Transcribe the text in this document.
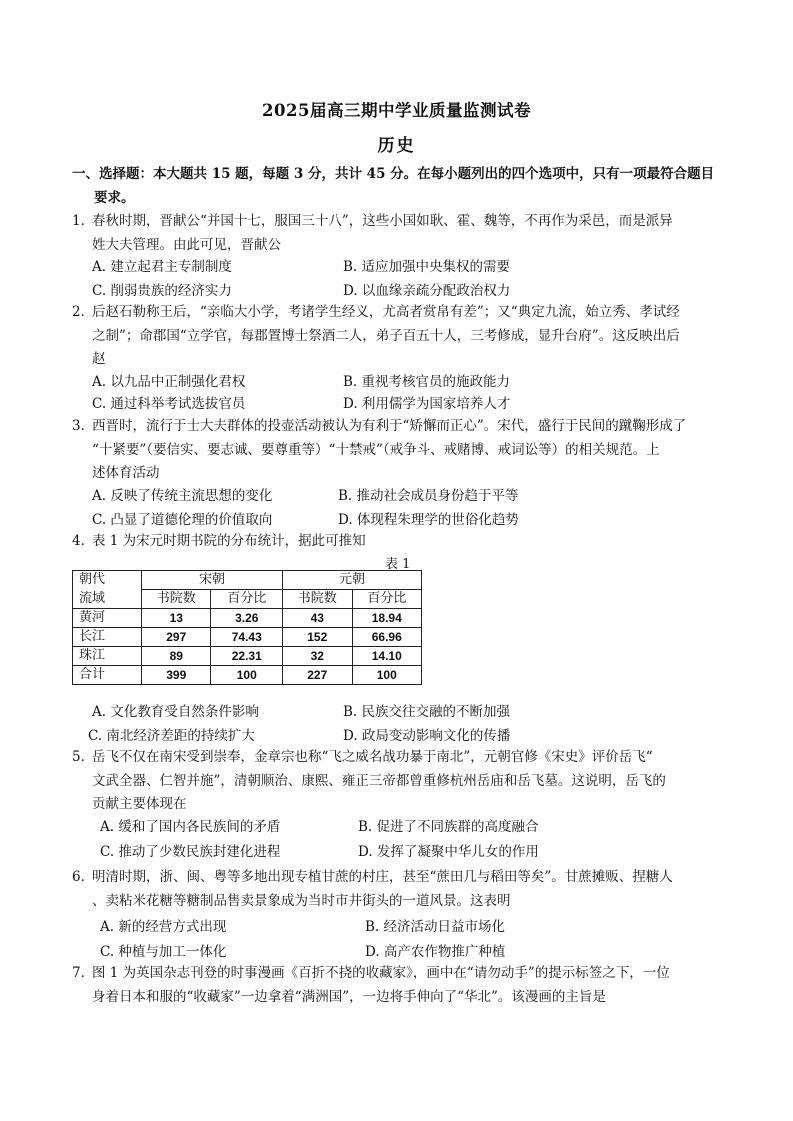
2025届高三期中学业质量监测试卷
历史
一、选择题：本大题共 15 题，每题 3 分，共计 45 分。在每小题列出的四个选项中，只有一项最符合题目
要求。
1．春秋时期，晋献公“并国十七，服国三十八”，这些小国如耿、霍、魏等，不再作为采邑，而是派异
姓大夫管理。由此可见，晋献公
A. 建立起君主专制制度	B. 适应加强中央集权的需要
C. 削弱贵族的经济实力	D. 以血缘亲疏分配政治权力
2．后赵石勒称王后，“亲临大小学，考诸学生经义，尤高者赏帛有差”；又“典定九流，始立秀、孝试经
之制”；命郡国“立学官，每郡置博士祭酒二人，弟子百五十人，三考修成，显升台府”。这反映出后
赵
A. 以九品中正制强化君权	B. 重视考核官员的施政能力
C. 通过科举考试选拔官员	D. 利用儒学为国家培养人才
3．西晋时，流行于士大夫群体的投壶活动被认为有利于“矫懈而正心”。宋代，盛行于民间的蹴鞠形成了
“十紧要”（要信实、要志诚、要尊重等）“十禁戒”（戒争斗、戒赌博、戒词讼等）的相关规范。上
述体育活动
A. 反映了传统主流思想的变化	B. 推动社会成员身份趋于平等
C. 凸显了道德伦理的价值取向	D. 体现程朱理学的世俗化趋势
4．表 1 为宋元时期书院的分布统计，据此可推知
表 1
朝代	宋朝		元朝	
流域	书院数	百分比	书院数	百分比
黄河	13	3.26	43	18.94
长江	297	74.43	152	66.96
珠江	89	22.31	32	14.10
合计	399	100	227	100
A. 文化教育受自然条件影响	B. 民族交往交融的不断加强
C. 南北经济差距的持续扩大	D. 政局变动影响文化的传播
5．岳飞不仅在南宋受到崇奉，金章宗也称“飞之威名战功暴于南北”，元朝官修《宋史》评价岳飞“
文武全器、仁智并施”，清朝顺治、康熙、雍正三帝都曾重修杭州岳庙和岳飞墓。这说明，岳飞的
贡献主要体现在
A. 缓和了国内各民族间的矛盾	B. 促进了不同族群的高度融合
C. 推动了少数民族封建化进程	D. 发挥了凝聚中华儿女的作用
6．明清时期，浙、闽、粤等多地出现专植甘蔗的村庄，甚至“蔗田几与稻田等矣”。甘蔗摊贩、捏糖人
、卖粘米花糖等糖制品售卖景象成为当时市井街头的一道风景。这表明
A. 新的经营方式出现	B. 经济活动日益市场化
C. 种植与加工一体化	D. 高产农作物推广种植
7．图 1 为英国杂志刊登的时事漫画《百折不挠的收藏家》，画中在“请勿动手”的提示标签之下，一位
身着日本和服的“收藏家”一边拿着“满洲国”，一边将手伸向了“华北”。该漫画的主旨是
